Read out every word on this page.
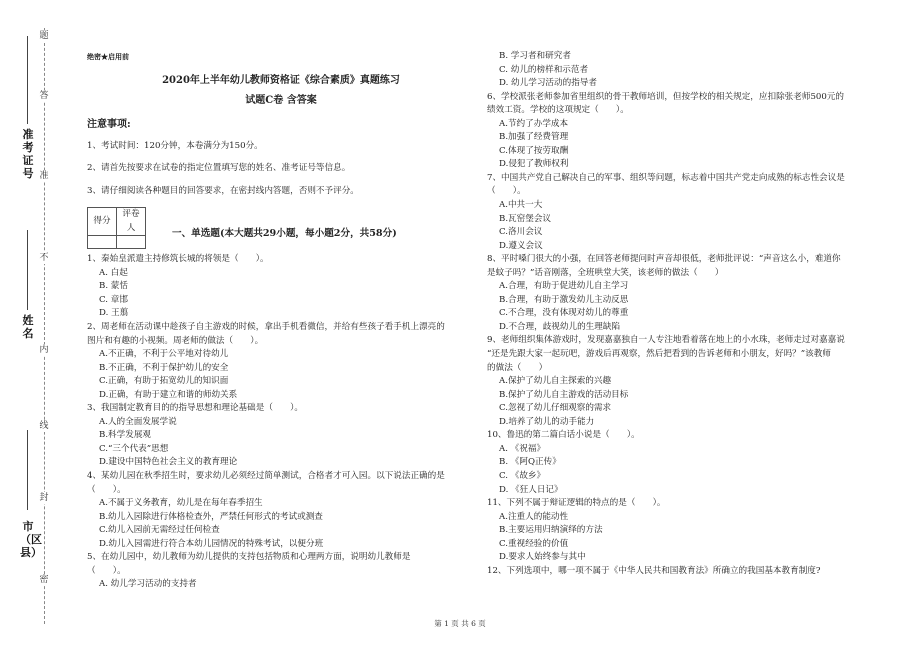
题
答
准
不
内
线
封
密
准考证号
姓名
市（区县）
绝密★启用前
2020年上半年幼儿教师资格证《综合素质》真题练习
试题C卷 含答案
注意事项:
1、考试时间：120分钟，本卷满分为150分。
2、请首先按要求在试卷的指定位置填写您的姓名、准考证号等信息。
3、请仔细阅读各种题目的回答要求，在密封线内答题，否则不予评分。
得分	评卷人

一、单选题(本大题共29小题，每小题2分，共58分)
1、秦始皇派遣主持修筑长城的将领是（　　）。
A. 白起
B. 蒙恬
C. 章邯
D. 王翦
2、周老师在活动课中趁孩子自主游戏的时候，拿出手机看微信，并给有些孩子看手机上漂亮的
图片和有趣的小视频。周老师的做法（　　）。
A.不正确，不利于公平地对待幼儿
B.不正确，不利于保护幼儿的安全
C.正确，有助于拓宽幼儿的知识面
D.正确，有助于建立和谐的师幼关系
3、我国制定教育目的的指导思想和理论基础是（　　）。
A.人的全面发展学说
B.科学发展观
C.“三个代表”思想
D.建设中国特色社会主义的教育理论
4、某幼儿园在秋季招生时，要求幼儿必须经过简单测试，合格者才可入园。以下说法正确的是
（　　）。
A.不属于义务教育，幼儿是在每年春季招生
B.幼儿入园除进行体格检查外，严禁任何形式的考试或测查
C.幼儿入园前无需经过任何检查
D.幼儿入园需进行符合本幼儿园情况的特殊考试，以便分班
5、在幼儿园中，幼儿教师为幼儿提供的支持包括物质和心理两方面，说明幼儿教师是
（　　）。
A. 幼儿学习活动的支持者
B. 学习者和研究者
C. 幼儿的榜样和示范者
D. 幼儿学习活动的指导者
6、学校派张老师参加省里组织的骨干教师培训，但按学校的相关规定，应扣除张老师500元的
绩效工资。学校的这项规定（　　）。
A.节约了办学成本
B.加强了经费管理
C.体现了按劳取酬
D.侵犯了教师权利
7、中国共产党自己解决自己的军事、组织等问题，标志着中国共产党走向成熟的标志性会议是
（　　）。
A.中共一大
B.瓦窑堡会议
C.洛川会议
D.遵义会议
8、平时嗓门很大的小强，在回答老师提问时声音却很低，老师批评说：“声音这么小，难道你
是蚊子吗？”话音刚落，全班哄堂大笑，该老师的做法（　　）
A.合理，有助于促进幼儿自主学习
B.合理，有助于激发幼儿主动反思
C.不合理，没有体现对幼儿的尊重
D.不合理，歧视幼儿的生理缺陷
9、老师组织集体游戏时，发现嘉嘉独自一人专注地看着落在地上的小水珠，老师走过对嘉嘉说
“还是先跟大家一起玩吧，游戏后再观察，然后把看到的告诉老师和小朋友，好吗？”该教师
的做法（　　）
A.保护了幼儿自主探索的兴趣
B.保护了幼儿自主游戏的活动目标
C.忽视了幼儿仔细观察的需求
D.培养了幼儿的动手能力
10、鲁迅的第二篇白话小说是（　　）。
A. 《祝福》
B. 《阿Q正传》
C. 《故乡》
D. 《狂人日记》
11、下列不属于辩证逻辑的特点的是（　　）。
A.注重人的能动性
B.主要运用归纳演绎的方法
C.重视经验的价值
D.要求人始终参与其中
12、下列选项中，哪一项不属于《中华人民共和国教育法》所确立的我国基本教育制度?
第 1 页 共 6 页
